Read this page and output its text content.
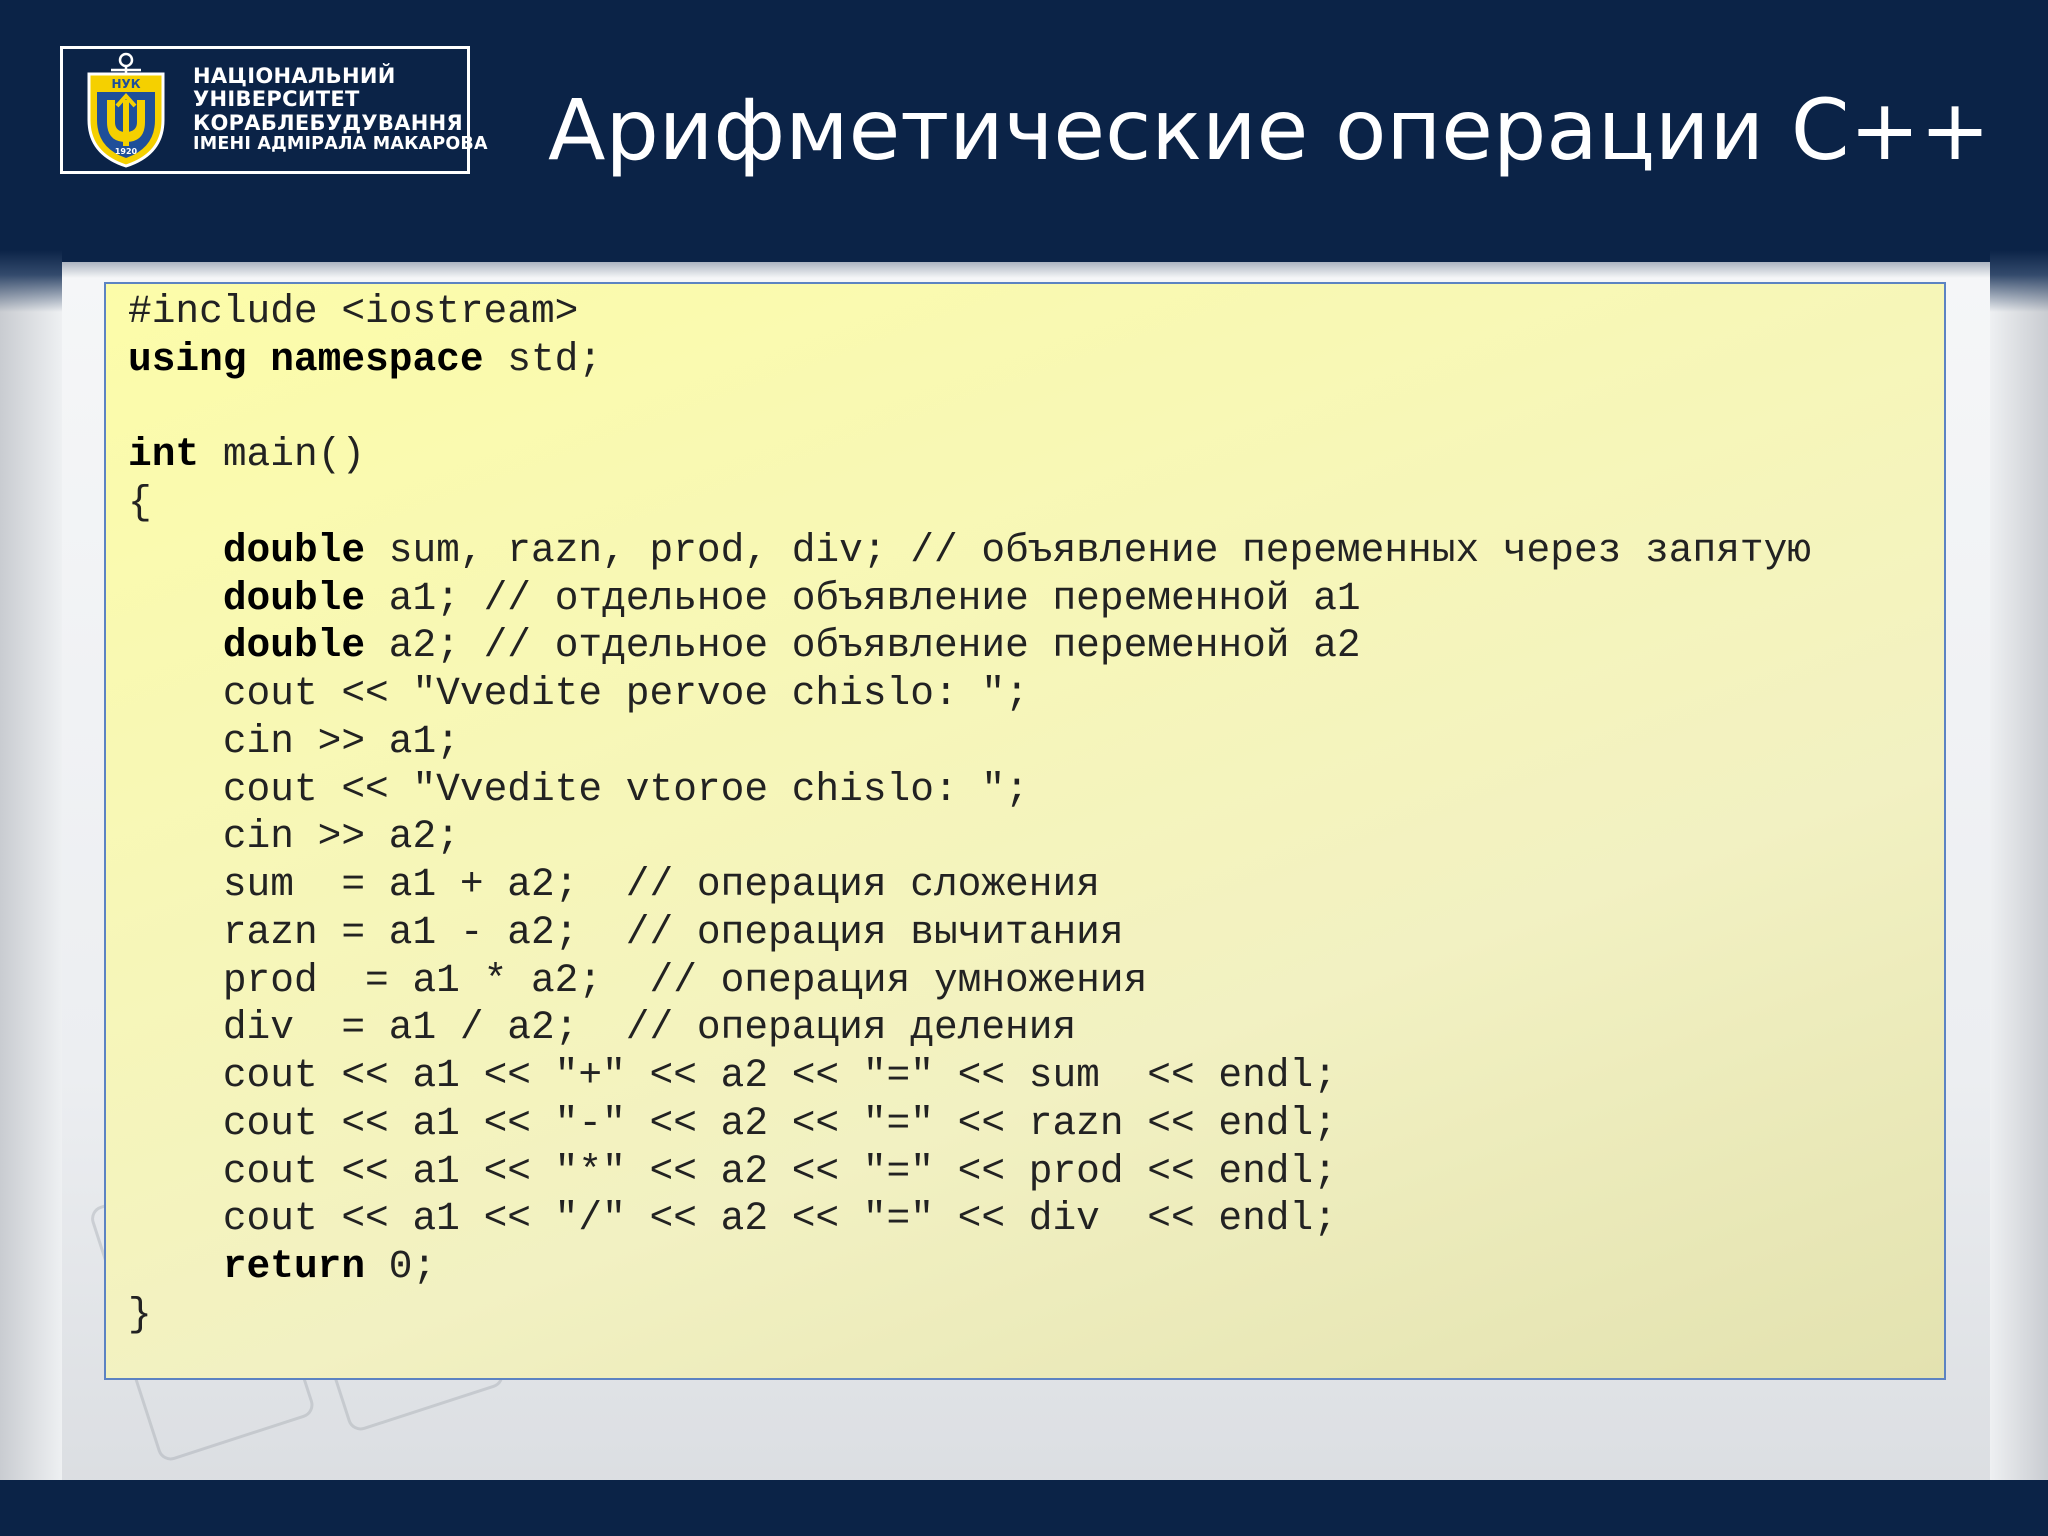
НУК
1920
НАЦІОНАЛЬНИЙ
УНІВЕРСИТЕТ
КОРАБЛЕБУДУВАННЯ
ІМЕНІ АДМІРАЛА МАКАРОВА Арифметические операции С++
#include <iostream>
using namespace std;
int main()
{
double sum, razn, prod, div; // объявление переменных через запятую
double a1; // отдельное объявление переменной a1
double a2; // отдельное объявление переменной a2
cout << "Vvedite pervoe chislo: ";
cin >> a1;
cout << "Vvedite vtoroe chislo: ";
cin >> a2;
sum  = a1 + a2;  // операция сложения
razn = a1 - a2;  // операция вычитания
prod  = a1 * a2;  // операция умножения
div  = a1 / a2;  // операция деления
cout << a1 << "+" << a2 << "=" << sum  << endl;
cout << a1 << "-" << a2 << "=" << razn << endl;
cout << a1 << "*" << a2 << "=" << prod << endl;
cout << a1 << "/" << a2 << "=" << div  << endl;
return 0;
}
